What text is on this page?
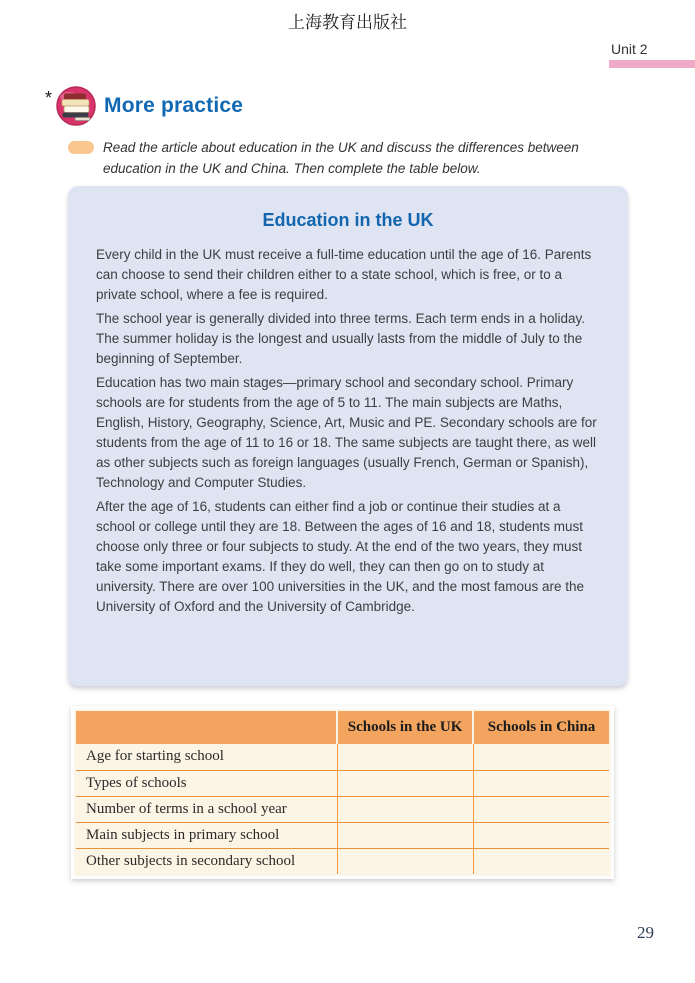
上海教育出版社
Unit 2
* More practice
Read the article about education in the UK and discuss the differences between education in the UK and China. Then complete the table below.
Education in the UK

Every child in the UK must receive a full-time education until the age of 16. Parents can choose to send their children either to a state school, which is free, or to a private school, where a fee is required.

The school year is generally divided into three terms. Each term ends in a holiday. The summer holiday is the longest and usually lasts from the middle of July to the beginning of September.

Education has two main stages—primary school and secondary school. Primary schools are for students from the age of 5 to 11. The main subjects are Maths, English, History, Geography, Science, Art, Music and PE. Secondary schools are for students from the age of 11 to 16 or 18. The same subjects are taught there, as well as other subjects such as foreign languages (usually French, German or Spanish), Technology and Computer Studies.

After the age of 16, students can either find a job or continue their studies at a school or college until they are 18. Between the ages of 16 and 18, students must choose only three or four subjects to study. At the end of the two years, they must take some important exams. If they do well, they can then go on to study at university. There are over 100 universities in the UK, and the most famous are the University of Oxford and the University of Cambridge.

	Schools in the UK	Schools in China
Age for starting school		
Types of schools		
Number of terms in a school year		
Main subjects in primary school		
Other subjects in secondary school		
29
